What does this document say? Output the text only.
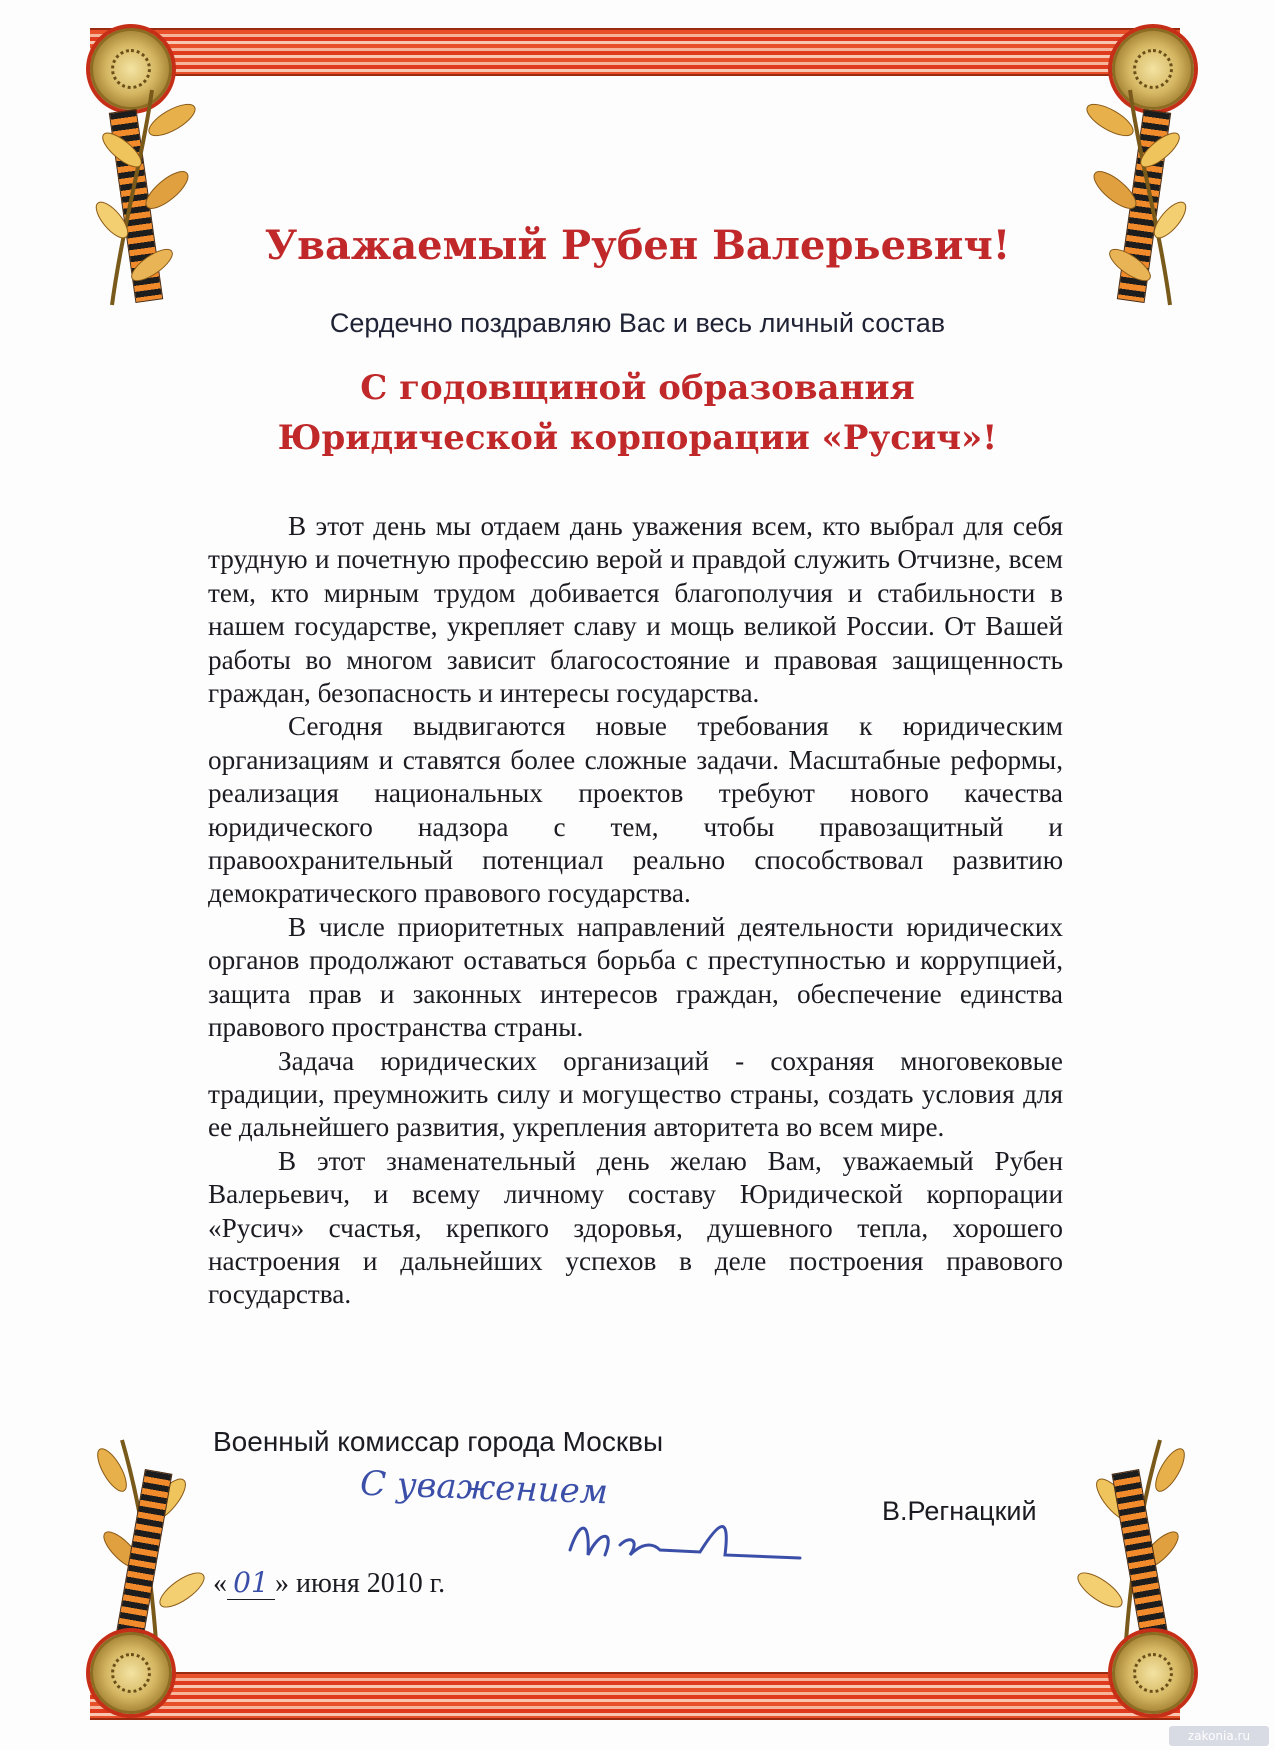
Уважаемый Рубен Валерьевич!

Сердечно поздравляю Вас и весь личный состав

С годовщиной образования
Юридической корпорации «Русич»!

В этот день мы отдаем дань уважения всем, кто выбрал для себя трудную и почетную профессию верой и правдой служить Отчизне, всем тем, кто мирным трудом добивается благополучия и стабильности в нашем государстве, укрепляет славу и мощь великой России. От Вашей работы во многом зависит благосостояние и правовая защищенность граждан, безопасность и интересы государства.

Сегодня выдвигаются новые требования к юридическим организациям и ставятся более сложные задачи. Масштабные реформы, реализация национальных проектов требуют нового качества юридического надзора с тем, чтобы правозащитный и правоохранительный потенциал реально способствовал развитию демократического правового государства.

В числе приоритетных направлений деятельности юридических органов продолжают оставаться борьба с преступностью и коррупцией, защита прав и законных интересов граждан, обеспечение единства правового пространства страны.

Задача юридических организаций - сохраняя многовековые традиции, преумножить силу и могущество страны, создать условия для ее дальнейшего развития, укрепления авторитета во всем мире.

В этот знаменательный день желаю Вам, уважаемый Рубен Валерьевич, и всему личному составу Юридической корпорации «Русич» счастья, крепкого здоровья, душевного тепла, хорошего настроения и дальнейших успехов в деле построения правового государства.

Военный комиссар города Москвы

С уважением	В.Регнацкий

« 01 » июня 2010 г.

zakonia.ru
